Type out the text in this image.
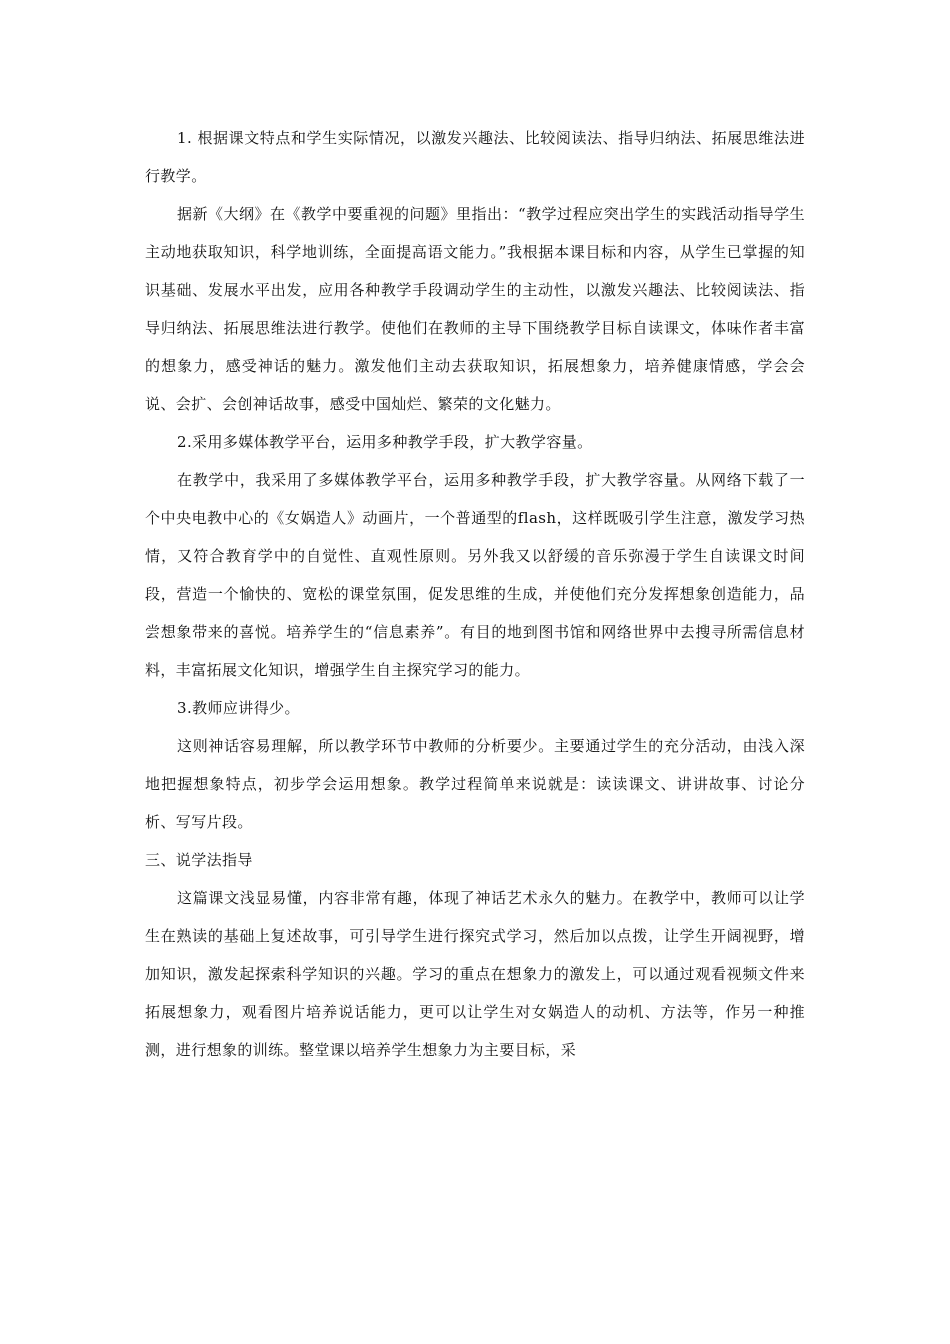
1. 根据课文特点和学生实际情况，以激发兴趣法、比较阅读法、指导归纳法、拓展思维法进行教学。

据新《大纲》在《教学中要重视的问题》里指出：“教学过程应突出学生的实践活动指导学生主动地获取知识，科学地训练，全面提高语文能力。”我根据本课目标和内容，从学生已掌握的知识基础、发展水平出发，应用各种教学手段调动学生的主动性，以激发兴趣法、比较阅读法、指导归纳法、拓展思维法进行教学。使他们在教师的主导下围绕教学目标自读课文，体味作者丰富的想象力，感受神话的魅力。激发他们主动去获取知识，拓展想象力，培养健康情感，学会会说、会扩、会创神话故事，感受中国灿烂、繁荣的文化魅力。

2.采用多媒体教学平台，运用多种教学手段，扩大教学容量。

在教学中，我采用了多媒体教学平台，运用多种教学手段，扩大教学容量。从网络下载了一个中央电教中心的《女娲造人》动画片，一个普通型的flash，这样既吸引学生注意，激发学习热情，又符合教育学中的自觉性、直观性原则。另外我又以舒缓的音乐弥漫于学生自读课文时间段，营造一个愉快的、宽松的课堂氛围，促发思维的生成，并使他们充分发挥想象创造能力，品尝想象带来的喜悦。培养学生的“信息素养”。有目的地到图书馆和网络世界中去搜寻所需信息材料，丰富拓展文化知识，增强学生自主探究学习的能力。

3.教师应讲得少。

这则神话容易理解，所以教学环节中教师的分析要少。主要通过学生的充分活动，由浅入深地把握想象特点，初步学会运用想象。教学过程简单来说就是：读读课文、讲讲故事、讨论分析、写写片段。

三、说学法指导

这篇课文浅显易懂，内容非常有趣，体现了神话艺术永久的魅力。在教学中，教师可以让学生在熟读的基础上复述故事，可引导学生进行探究式学习，然后加以点拨，让学生开阔视野，增加知识，激发起探索科学知识的兴趣。学习的重点在想象力的激发上，可以通过观看视频文件来拓展想象力，观看图片培养说话能力，更可以让学生对女娲造人的动机、方法等，作另一种推测，进行想象的训练。整堂课以培养学生想象力为主要目标，采
